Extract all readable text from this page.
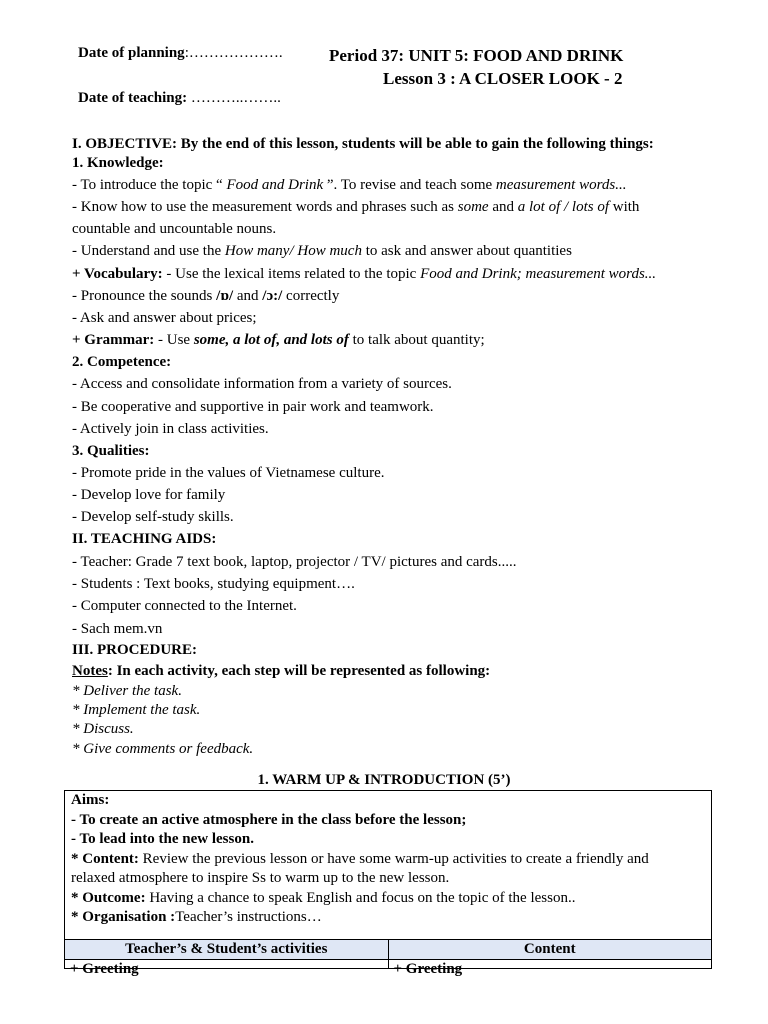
Date of planning:……………….	Period 37: UNIT 5: FOOD AND DRINK
Lesson 3 : A CLOSER LOOK - 2
Date of teaching: ………..……..
I. OBJECTIVE: By the end of this lesson, students will be able to gain the following things:
1. Knowledge:
- To introduce the topic “ Food and Drink ”. To revise and teach some measurement words...
- Know how to use the measurement words and phrases such as some and a lot of / lots of with
countable and uncountable nouns.
- Understand and use the How many/ How much to ask and answer about quantities
+ Vocabulary: - Use the lexical items related to the topic Food and Drink; measurement words...
- Pronounce the sounds /ɒ/ and /ɔ:/ correctly
- Ask and answer about prices;
+ Grammar: - Use some, a lot of, and lots of to talk about quantity;
2. Competence:
- Access and consolidate information from a variety of sources.
- Be cooperative and supportive in pair work and teamwork.
- Actively join in class activities.
3. Qualities:
- Promote pride in the values of Vietnamese culture.
- Develop love for family
- Develop self-study skills.
II. TEACHING AIDS:
- Teacher: Grade 7 text book, laptop, projector / TV/ pictures and cards.....
- Students : Text books, studying equipment….
- Computer connected to the Internet.
- Sach mem.vn
III. PROCEDURE:
Notes: In each activity, each step will be represented as following:
* Deliver the task.
* Implement the task.
* Discuss.
* Give comments or feedback.
1. WARM UP & INTRODUCTION (5’)
Aims:
- To create an active atmosphere in the class before the lesson;
- To lead into the new lesson.
* Content: Review the previous lesson or have some warm-up activities to create a friendly and
relaxed atmosphere to inspire Ss to warm up to the new lesson.
* Outcome: Having a chance to speak English and focus on the topic of the lesson..
* Organisation :Teacher’s instructions…
Teacher’s & Student’s activities
+ Greeting
Content
+ Greeting
